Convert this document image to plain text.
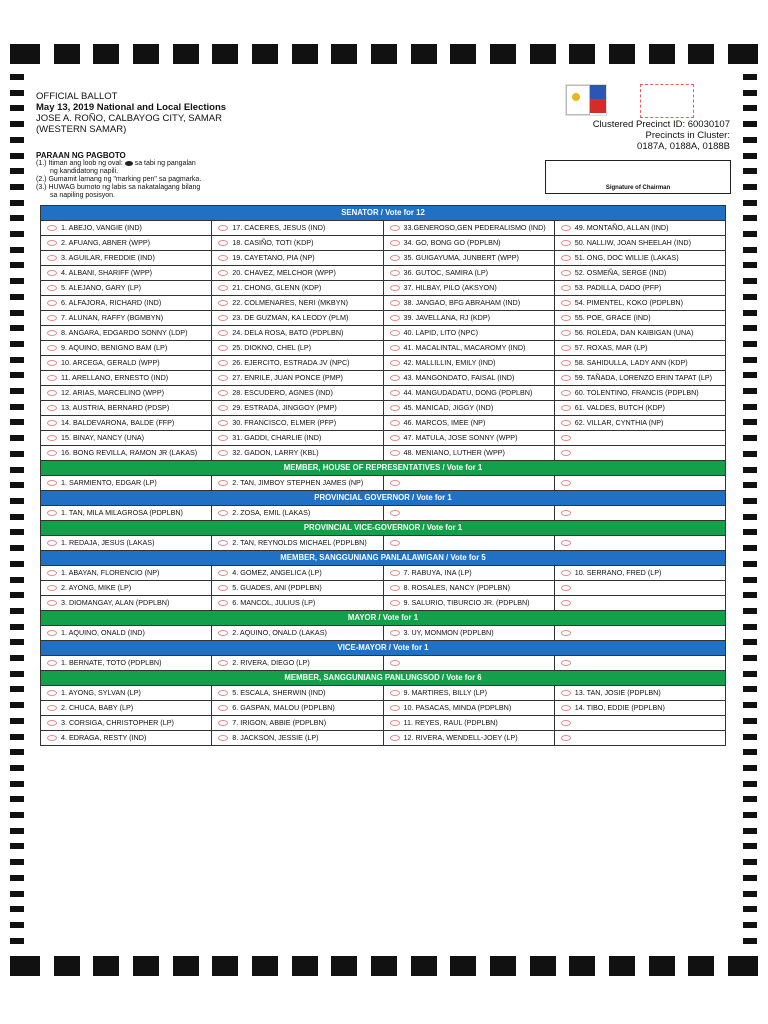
OFFICIAL BALLOT
May 13, 2019 National and Local Elections
JOSE A. ROÑO, CALBAYOG CITY, SAMAR
(WESTERN SAMAR)
PARAAN NG PAGBOTO
(1.) Itiman ang loob ng oval: sa tabi ng pangalan
ng kandidatong napili.
(2.) Gumamit lamang ng "marking pen" sa pagmarka.
(3.) HUWAG bumoto ng labis sa nakatalagang bilang
sa napiling posisyon.
Clustered Precinct ID: 60030107
Precincts in Cluster:
0187A, 0188A, 0188B
Signature of Chairman
SENATOR / Vote for 12			

1. ABEJO, VANGIE (IND)	17. CACERES, JESUS (IND)	33.GENEROSO,GEN PEDERALISMO (IND)	49. MONTAÑO, ALLAN (IND)

2. AFUANG, ABNER (WPP)	18. CASIÑO, TOTI (KDP)	34. GO, BONG GO (PDPLBN)	50. NALLIW, JOAN SHEELAH (IND)

3. AGUILAR, FREDDIE (IND)	19. CAYETANO, PIA (NP)	35. GUIGAYUMA, JUNBERT (WPP)	51. ONG, DOC WILLIE (LAKAS)

4. ALBANI, SHARIFF (WPP)	20. CHAVEZ, MELCHOR (WPP)	36. GUTOC, SAMIRA (LP)	52. OSMEÑA, SERGE (IND)

5. ALEJANO, GARY (LP)	21. CHONG, GLENN (KDP)	37. HILBAY, PILO (AKSYON)	53. PADILLA, DADO (PFP)

6. ALFAJORA, RICHARD (IND)	22. COLMENARES, NERI (MKBYN)	38. JANGAO, BFG ABRAHAM (IND)	54. PIMENTEL, KOKO (PDPLBN)

7. ALUNAN, RAFFY (BGMBYN)	23. DE GUZMAN, KA LEODY (PLM)	39. JAVELLANA, RJ (KDP)	55. POE, GRACE (IND)

8. ANGARA, EDGARDO SONNY (LDP)	24. DELA ROSA, BATO (PDPLBN)	40. LAPID, LITO (NPC)	56. ROLEDA, DAN KAIBIGAN (UNA)

9. AQUINO, BENIGNO BAM (LP)	25. DIOKNO, CHEL (LP)	41. MACALINTAL, MACAROMY (IND)	57. ROXAS, MAR (LP)

10. ARCEGA, GERALD (WPP)	26. EJERCITO, ESTRADA JV (NPC)	42. MALLILLIN, EMILY (IND)	58. SAHIDULLA, LADY ANN (KDP)

11. ARELLANO, ERNESTO (IND)	27. ENRILE, JUAN PONCE (PMP)	43. MANGONDATO, FAISAL (IND)	59. TAÑADA, LORENZO ERIN TAPAT (LP)

12. ARIAS, MARCELINO (WPP)	28. ESCUDERO, AGNES (IND)	44. MANGUDADATU, DONG (PDPLBN)	60. TOLENTINO, FRANCIS (PDPLBN)

13. AUSTRIA, BERNARD (PDSP)	29. ESTRADA, JINGGOY (PMP)	45. MANICAD, JIGGY (IND)	61. VALDES, BUTCH (KDP)

14. BALDEVARONA, BALDE (FFP)	30. FRANCISCO, ELMER (PFP)	46. MARCOS, IMEE (NP)	62. VILLAR, CYNTHIA (NP)

15. BINAY, NANCY (UNA)	31. GADDI, CHARLIE (IND)	47. MATULA, JOSE SONNY (WPP)	

16. BONG REVILLA, RAMON JR (LAKAS)	32. GADON, LARRY (KBL)	48. MENIANO, LUTHER (WPP)	

MEMBER, HOUSE OF REPRESENTATIVES / Vote for 1			

1. SARMIENTO, EDGAR (LP)	2. TAN, JIMBOY STEPHEN JAMES (NP)	

PROVINCIAL GOVERNOR / Vote for 1			

1. TAN, MILA MILAGROSA (PDPLBN)	2. ZOSA, EMIL (LAKAS)	

PROVINCIAL VICE-GOVERNOR / Vote for 1			

1. REDAJA, JESUS (LAKAS)	2. TAN, REYNOLDS MICHAEL (PDPLBN)	

MEMBER, SANGGUNIANG PANLALAWIGAN / Vote for 5			

1. ABAYAN, FLORENCIO (NP)	4. GOMEZ, ANGELICA (LP)	7. RABUYA, INA (LP)	10. SERRANO, FRED (LP)

2. AYONG, MIKE (LP)	5. GUADES, ANI (PDPLBN)	8. ROSALES, NANCY (PDPLBN)	

3. DIOMANGAY, ALAN (PDPLBN)	6. MANCOL, JULIUS (LP)	9. SALURIO, TIBURCIO JR. (PDPLBN)	

MAYOR / Vote for 1			

1. AQUINO, ONALD (IND)	2. AQUINO, ONALD (LAKAS)	3. UY, MONMON (PDPLBN)	

VICE-MAYOR / Vote for 1			

1. BERNATE, TOTO (PDPLBN)	2. RIVERA, DIEGO (LP)	

MEMBER, SANGGUNIANG PANLUNGSOD / Vote for 6			

1. AYONG, SYLVAN (LP)	5. ESCALA, SHERWIN (IND)	9. MARTIRES, BILLY (LP)	13. TAN, JOSIE (PDPLBN)

2. CHUCA, BABY (LP)	6. GASPAN, MALOU (PDPLBN)	10. PASACAS, MINDA (PDPLBN)	14. TIBO, EDDIE (PDPLBN)

3. CORSIGA, CHRISTOPHER (LP)	7. IRIGON, ABBIE (PDPLBN)	11. REYES, RAUL (PDPLBN)	

4. EDRAGA, RESTY (IND)	8. JACKSON, JESSIE (LP)	12. RIVERA, WENDELL-JOEY (LP)	
